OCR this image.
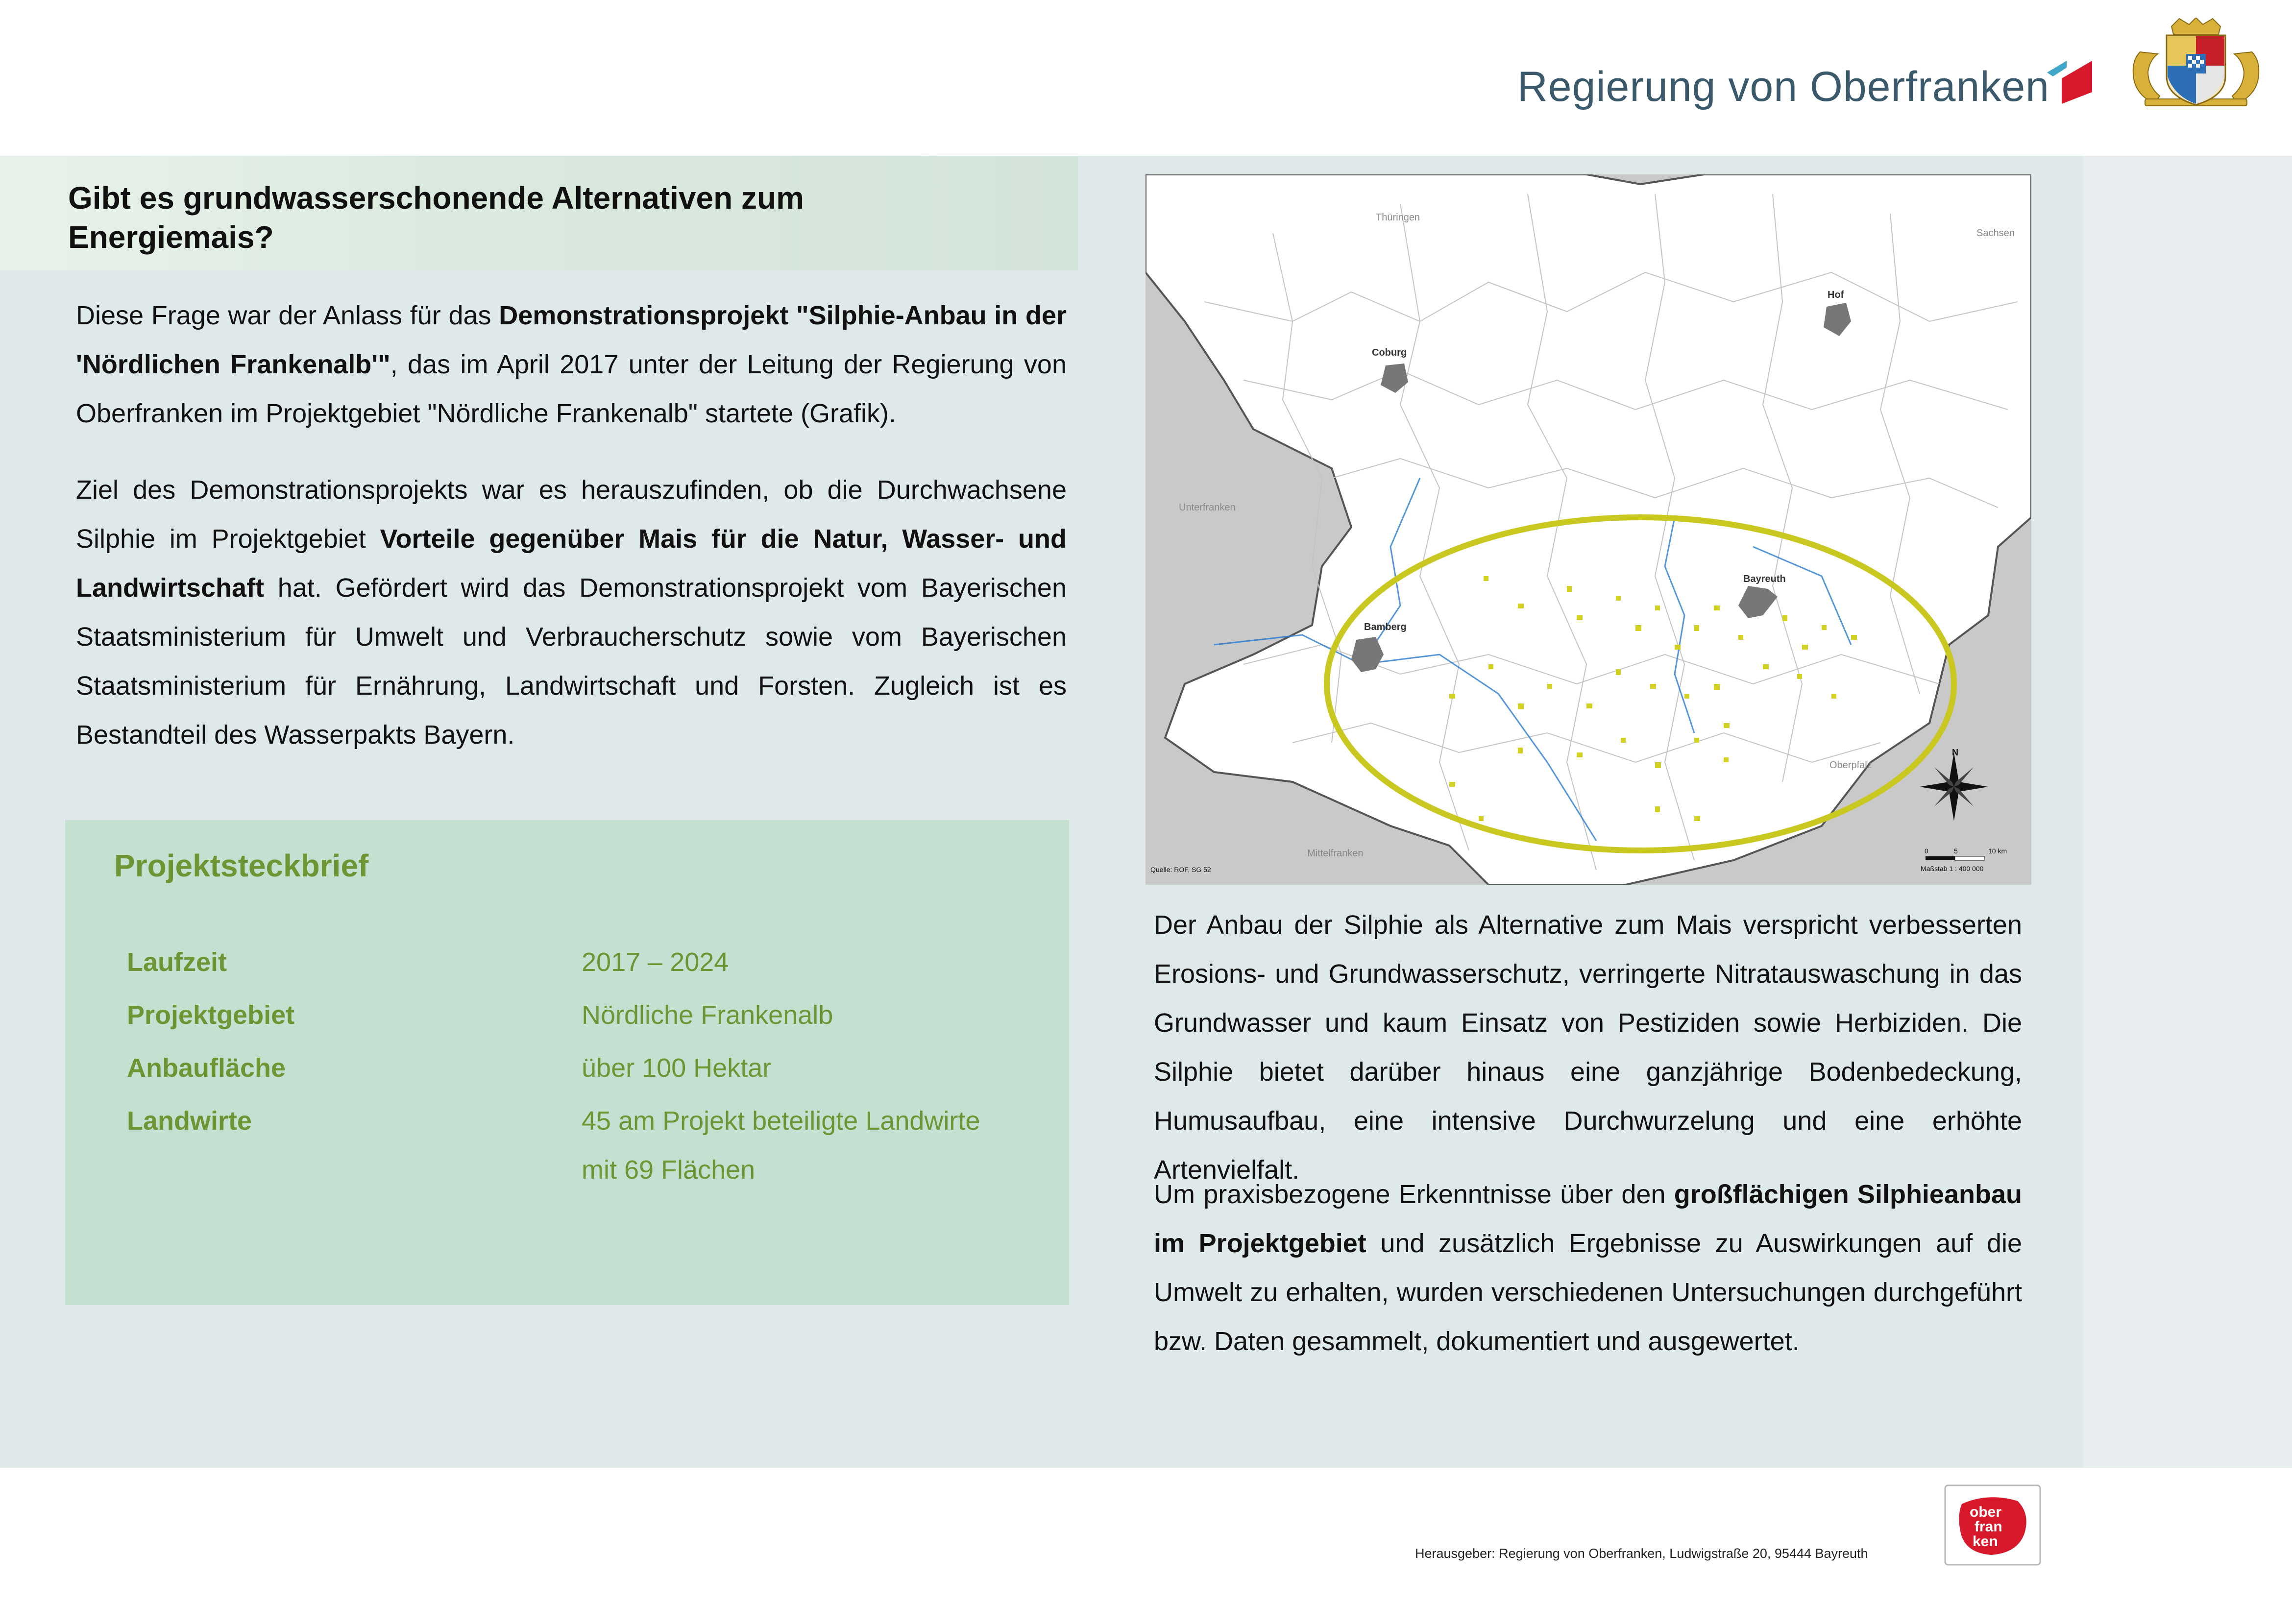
Regierung von Oberfranken
Gibt es grundwasserschonende Alternativen zum Energiemais?
Diese Frage war der Anlass für das Demonstrationsprojekt "Silphie-Anbau in der 'Nördlichen Frankenalb'", das im April 2017 unter der Leitung der Regierung von Oberfranken im Projektgebiet "Nördliche Frankenalb" startete (Grafik).
Ziel des Demonstrationsprojekts war es herauszufinden, ob die Durchwachsene Silphie im Projektgebiet Vorteile gegenüber Mais für die Natur, Wasser- und Landwirtschaft hat. Gefördert wird das Demonstrationsprojekt vom Bayerischen Staatsministerium für Umwelt und Verbraucherschutz sowie vom Bayerischen Staatsministerium für Ernährung, Landwirtschaft und Forsten. Zugleich ist es Bestandteil des Wasserpakts Bayern.
Projektsteckbrief
Laufzeit	2017 – 2024
Projektgebiet	Nördliche Frankenalb
Anbaufläche	über 100 Hektar
Landwirte	45 am Projekt beteiligte Landwirte
mit 69 Flächen
Thüringen
Sachsen
Unterfranken
Oberpfalz
Mittelfranken
Coburg
Hof
Bayreuth
Bamberg
N
0	5	10 km
Maßstab 1 : 400 000
Quelle: ROF, SG 52
Der Anbau der Silphie als Alternative zum Mais verspricht verbesserten Erosions- und Grundwasserschutz, verringerte Nitratauswaschung in das Grundwasser und kaum Einsatz von Pestiziden sowie Herbiziden. Die Silphie bietet darüber hinaus eine ganzjährige Bodenbedeckung, Humusaufbau, eine intensive Durchwurzelung und eine erhöhte Artenvielfalt.
Um praxisbezogene Erkenntnisse über den großflächigen Silphieanbau im Projektgebiet und zusätzlich Ergebnisse zu Auswirkungen auf die Umwelt zu erhalten, wurden verschiedenen Untersuchungen durchgeführt bzw. Daten gesammelt, dokumentiert und ausgewertet.
ober
fran
ken
Herausgeber: Regierung von Oberfranken, Ludwigstraße 20, 95444 Bayreuth
